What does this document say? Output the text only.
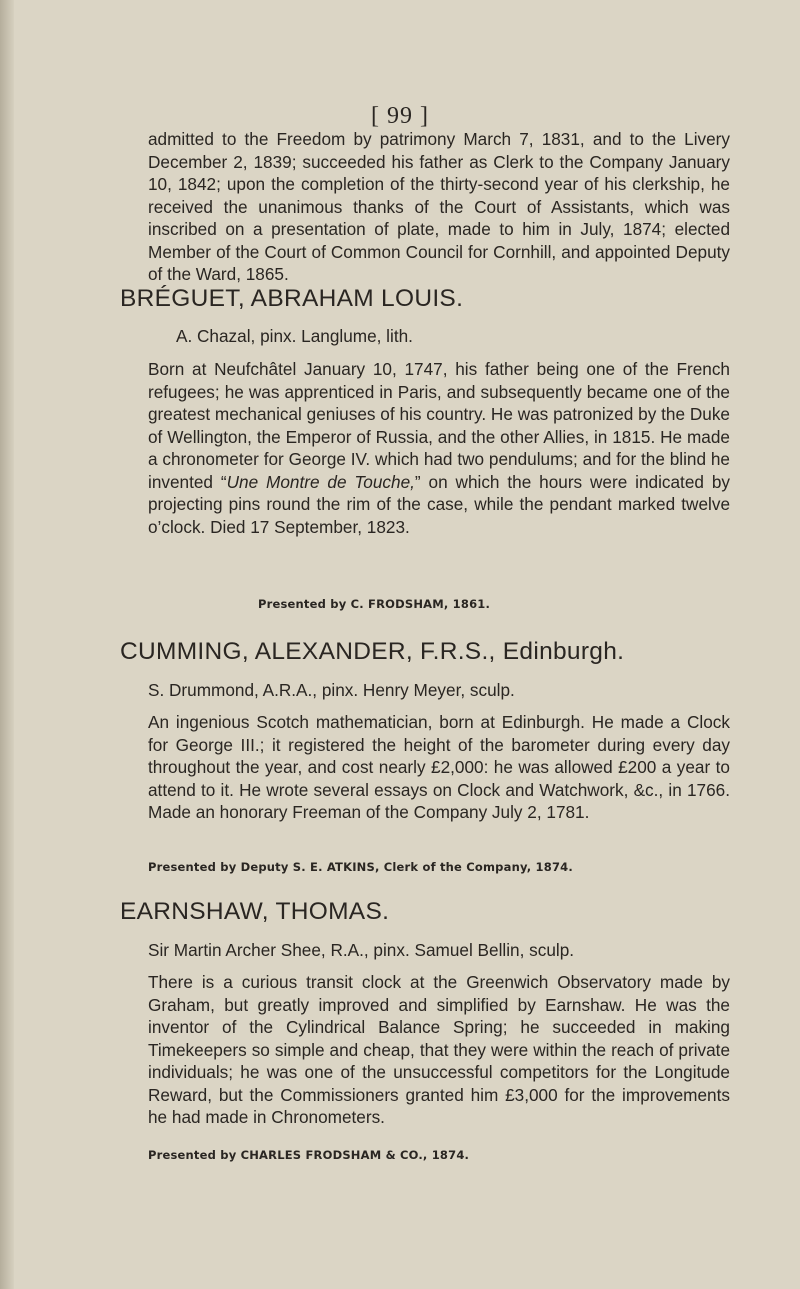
[ 99 ]

admitted to the Freedom by patrimony March 7, 1831, and to the Livery December 2, 1839; succeeded his father as Clerk to the Company January 10, 1842; upon the completion of the thirty-second year of his clerkship, he received the unanimous thanks of the Court of Assistants, which was inscribed on a presentation of plate, made to him in July, 1874; elected Member of the Court of Common Council for Cornhill, and appointed Deputy of the Ward, 1865.

BRÉGUET, ABRAHAM LOUIS.
A. Chazal, pinx. Langlume, lith.

Born at Neufchâtel January 10, 1747, his father being one of the French refugees; he was apprenticed in Paris, and subsequently became one of the greatest mechanical geniuses of his country. He was patronized by the Duke of Wellington, the Emperor of Russia, and the other Allies, in 1815. He made a chronometer for George IV. which had two pendulums; and for the blind he invented “Une Montre de Touche,” on which the hours were indicated by projecting pins round the rim of the case, while the pendant marked twelve o’clock. Died 17 September, 1823.

Presented by C. FRODSHAM, 1861.
CUMMING, ALEXANDER, F.R.S., Edinburgh.
S. Drummond, A.R.A., pinx. Henry Meyer, sculp.

An ingenious Scotch mathematician, born at Edinburgh. He made a Clock for George III.; it registered the height of the barometer during every day throughout the year, and cost nearly £2,000: he was allowed £200 a year to attend to it. He wrote several essays on Clock and Watchwork, &c., in 1766. Made an honorary Freeman of the Company July 2, 1781.

Presented by Deputy S. E. ATKINS, Clerk of the Company, 1874.
EARNSHAW, THOMAS.
Sir Martin Archer Shee, R.A., pinx. Samuel Bellin, sculp.

There is a curious transit clock at the Greenwich Observatory made by Graham, but greatly improved and simplified by Earnshaw. He was the inventor of the Cylindrical Balance Spring; he succeeded in making Timekeepers so simple and cheap, that they were within the reach of private individuals; he was one of the unsuccessful competitors for the Longitude Reward, but the Commissioners granted him £3,000 for the improvements he had made in Chronometers.

Presented by CHARLES FRODSHAM & CO., 1874.
